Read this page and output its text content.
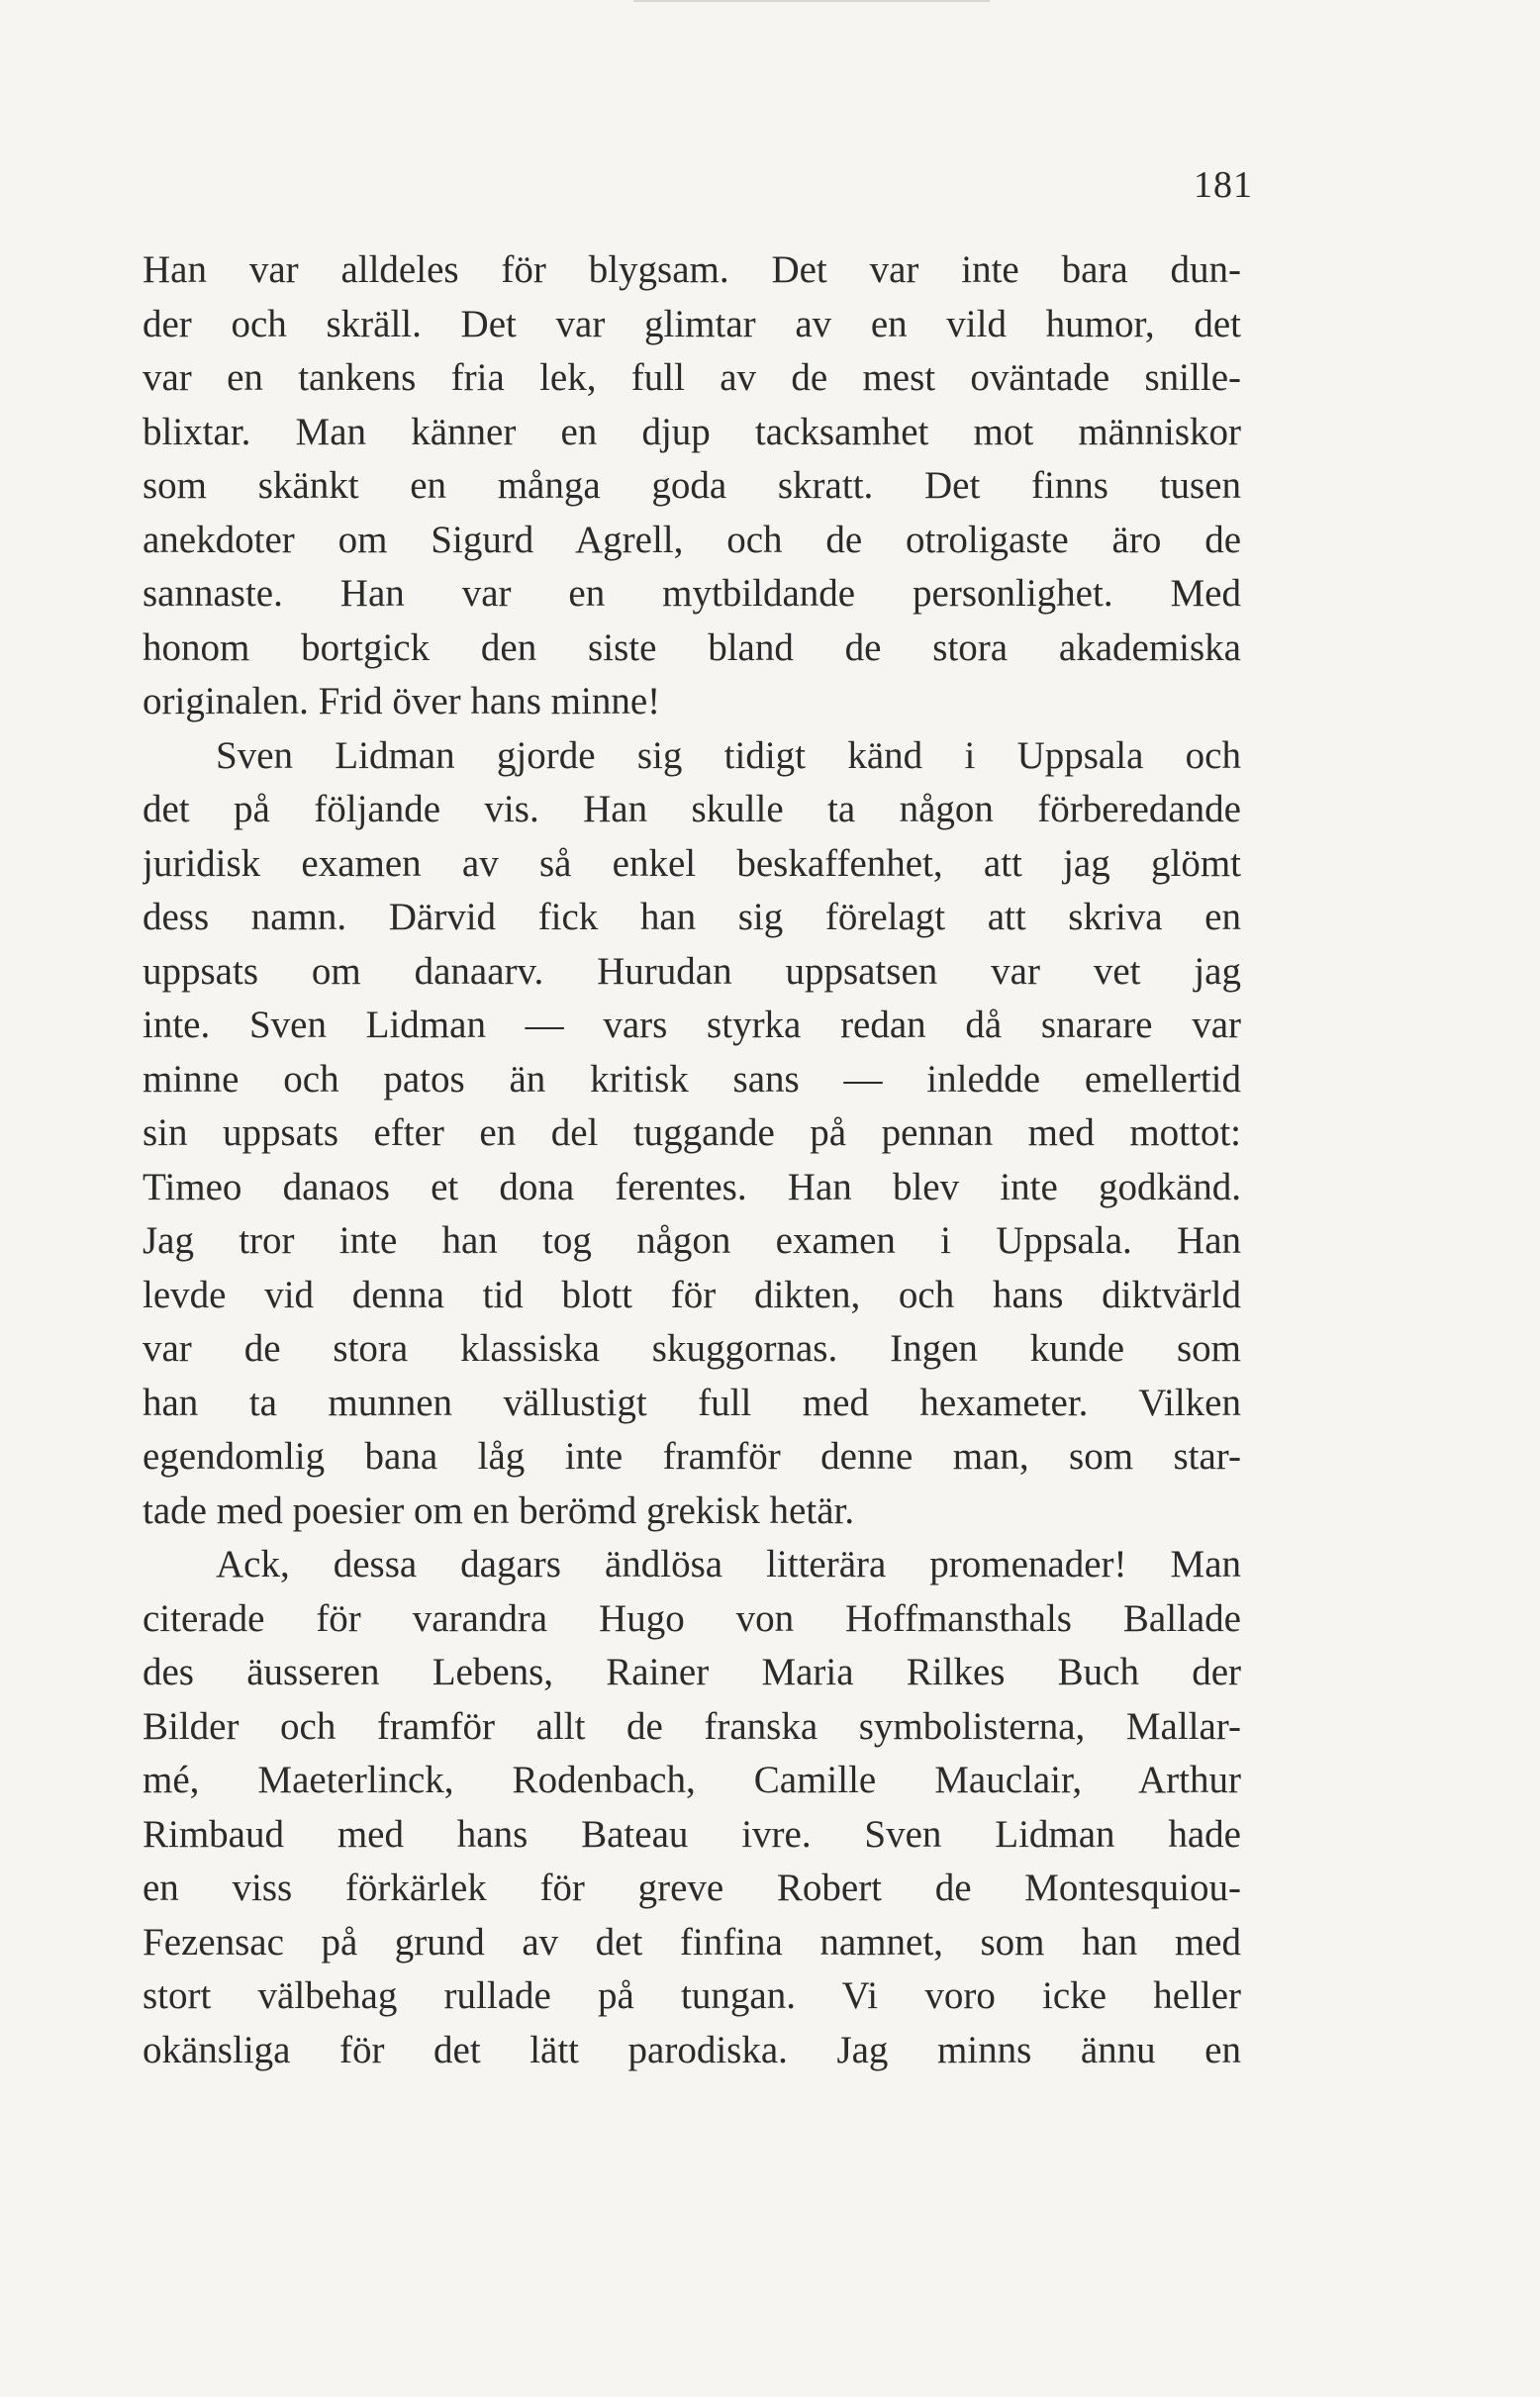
181
Han var alldeles för blygsam. Det var inte bara dun-
der och skräll. Det var glimtar av en vild humor, det
var en tankens fria lek, full av de mest oväntade snille-
blixtar. Man känner en djup tacksamhet mot människor
som skänkt en många goda skratt. Det finns tusen
anekdoter om Sigurd Agrell, och de otroligaste äro de
sannaste. Han var en mytbildande personlighet. Med
honom bortgick den siste bland de stora akademiska
originalen. Frid över hans minne!
Sven Lidman gjorde sig tidigt känd i Uppsala och
det på följande vis. Han skulle ta någon förberedande
juridisk examen av så enkel beskaffenhet, att jag glömt
dess namn. Därvid fick han sig förelagt att skriva en
uppsats om danaarv. Hurudan uppsatsen var vet jag
inte. Sven Lidman — vars styrka redan då snarare var
minne och patos än kritisk sans — inledde emellertid
sin uppsats efter en del tuggande på pennan med mottot:
Timeo danaos et dona ferentes. Han blev inte godkänd.
Jag tror inte han tog någon examen i Uppsala. Han
levde vid denna tid blott för dikten, och hans diktvärld
var de stora klassiska skuggornas. Ingen kunde som
han ta munnen vällustigt full med hexameter. Vilken
egendomlig bana låg inte framför denne man, som star-
tade med poesier om en berömd grekisk hetär.
Ack, dessa dagars ändlösa litterära promenader! Man
citerade för varandra Hugo von Hoffmansthals Ballade
des äusseren Lebens, Rainer Maria Rilkes Buch der
Bilder och framför allt de franska symbolisterna, Mallar-
mé, Maeterlinck, Rodenbach, Camille Mauclair, Arthur
Rimbaud med hans Bateau ivre. Sven Lidman hade
en viss förkärlek för greve Robert de Montesquiou-
Fezensac på grund av det finfina namnet, som han med
stort välbehag rullade på tungan. Vi voro icke heller
okänsliga för det lätt parodiska. Jag minns ännu en
